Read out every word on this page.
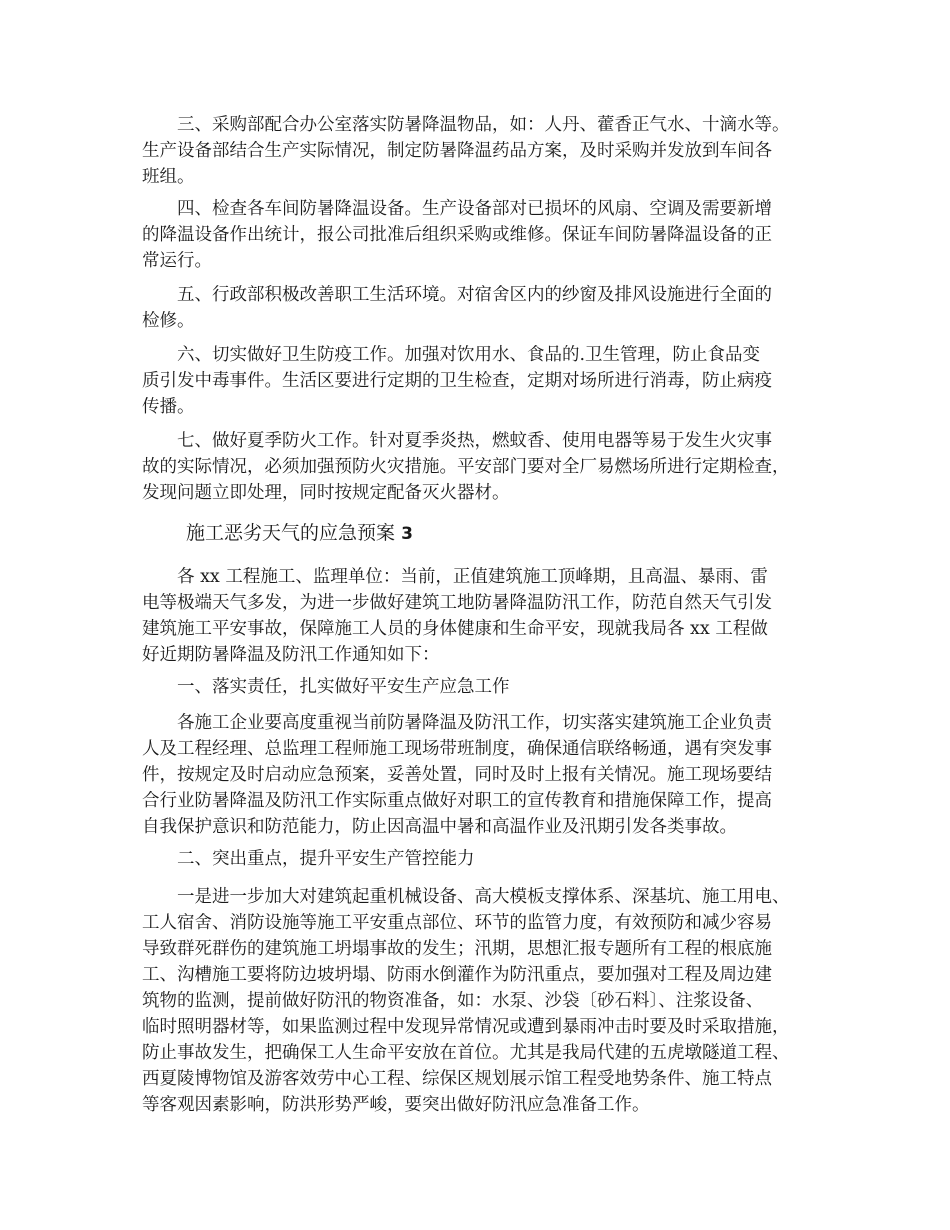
三、采购部配合办公室落实防暑降温物品，如：人丹、藿香正气水、十滴水等。
生产设备部结合生产实际情况，制定防暑降温药品方案，及时采购并发放到车间各
班组。
四、检查各车间防暑降温设备。生产设备部对已损坏的风扇、空调及需要新增
的降温设备作出统计，报公司批准后组织采购或维修。保证车间防暑降温设备的正
常运行。
五、行政部积极改善职工生活环境。对宿舍区内的纱窗及排风设施进行全面的
检修。
六、切实做好卫生防疫工作。加强对饮用水、食品的.卫生管理，防止食品变
质引发中毒事件。生活区要进行定期的卫生检查，定期对场所进行消毒，防止病疫
传播。
七、做好夏季防火工作。针对夏季炎热，燃蚊香、使用电器等易于发生火灾事
故的实际情况，必须加强预防火灾措施。平安部门要对全厂易燃场所进行定期检查，
发现问题立即处理，同时按规定配备灭火器材。
施工恶劣天气的应急预案 3
各 xx 工程施工、监理单位：当前，正值建筑施工顶峰期，且高温、暴雨、雷
电等极端天气多发，为进一步做好建筑工地防暑降温防汛工作，防范自然天气引发
建筑施工平安事故，保障施工人员的身体健康和生命平安，现就我局各 xx 工程做
好近期防暑降温及防汛工作通知如下：
一、落实责任，扎实做好平安生产应急工作
各施工企业要高度重视当前防暑降温及防汛工作，切实落实建筑施工企业负责
人及工程经理、总监理工程师施工现场带班制度，确保通信联络畅通，遇有突发事
件，按规定及时启动应急预案，妥善处置，同时及时上报有关情况。施工现场要结
合行业防暑降温及防汛工作实际重点做好对职工的宣传教育和措施保障工作，提高
自我保护意识和防范能力，防止因高温中暑和高温作业及汛期引发各类事故。
二、突出重点，提升平安生产管控能力
一是进一步加大对建筑起重机械设备、高大模板支撑体系、深基坑、施工用电、
工人宿舍、消防设施等施工平安重点部位、环节的监管力度，有效预防和减少容易
导致群死群伤的建筑施工坍塌事故的发生；汛期，思想汇报专题所有工程的根底施
工、沟槽施工要将防边坡坍塌、防雨水倒灌作为防汛重点，要加强对工程及周边建
筑物的监测，提前做好防汛的物资准备，如：水泵、沙袋〔砂石料〕、注浆设备、
临时照明器材等，如果监测过程中发现异常情况或遭到暴雨冲击时要及时采取措施，
防止事故发生，把确保工人生命平安放在首位。尤其是我局代建的五虎墩隧道工程、
西夏陵博物馆及游客效劳中心工程、综保区规划展示馆工程受地势条件、施工特点
等客观因素影响，防洪形势严峻，要突出做好防汛应急准备工作。
